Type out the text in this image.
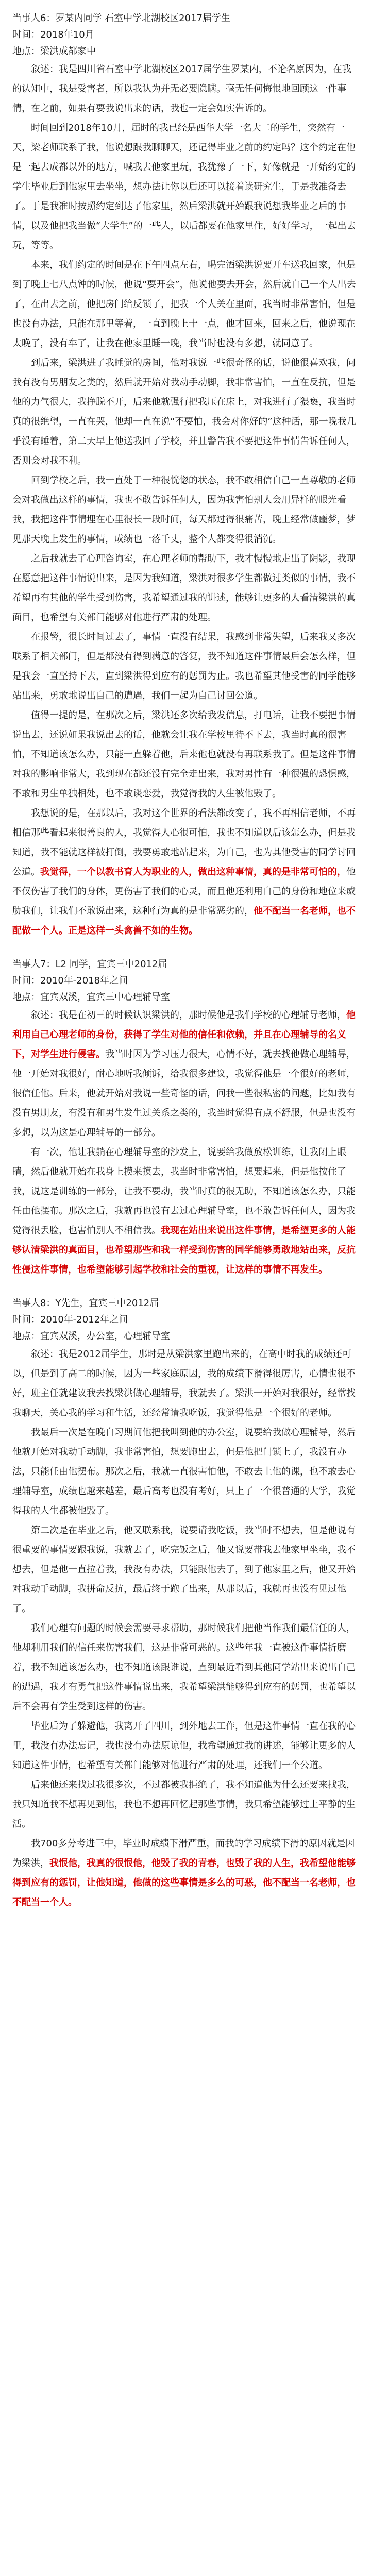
当事人6：罗某内同学 石室中学北湖校区2017届学生

时间：2018年10月

地点：梁洪成都家中

叙述：我是四川省石室中学北湖校区2017届学生罗某内，不论名原因为，在我的认知中，我是受害者，所以我认为并无必要隐瞒。毫无任何悔恨地回顾这一件事情，在之前，如果有要我说出来的话，我也一定会如实告诉的。

时间回到2018年10月，届时的我已经是西华大学一名大二的学生，突然有一天，梁老师联系了我，他说想跟我聊聊天，还记得毕业之前的约定吗？这个约定在他是一起去成都以外的地方，喊我去他家里玩，我犹豫了一下，好像就是一开始约定的学生毕业后到他家里去坐坐，想办法让你以后还可以接着读研究生，于是我准备去了。于是我准时按照约定到达了他家里，然后梁洪就开始跟我说想我毕业之后的事情，以及他把我当做“大学生”的一些人，以后都要在他家里住，好好学习，一起出去玩，等等。

本来，我们约定的时间是在下午四点左右，喝完酒梁洪说要开车送我回家，但是到了晚上七八点钟的时候，他说“要开会”，他说他要去开会，然后就自己一个人出去了，在出去之前，他把房门给反锁了，把我一个人关在里面，我当时非常害怕，但是也没有办法，只能在那里等着，一直到晚上十一点，他才回来，回来之后，他说现在太晚了，没有车了，让我在他家里睡一晚，我当时也没有多想，就同意了。

到后来，梁洪进了我睡觉的房间，他对我说一些很奇怪的话，说他很喜欢我，问我有没有男朋友之类的，然后就开始对我动手动脚，我非常害怕，一直在反抗，但是他的力气很大，我挣脱不开，后来他就强行把我压在床上，对我进行了猥亵，我当时真的很绝望，一直在哭，他却一直在说“不要怕，我会对你好的”这种话，那一晚我几乎没有睡着，第二天早上他送我回了学校，并且警告我不要把这件事情告诉任何人，否则会对我不利。

回到学校之后，我一直处于一种很恍惚的状态，我不敢相信自己一直尊敬的老师会对我做出这样的事情，我也不敢告诉任何人，因为我害怕别人会用异样的眼光看我，我把这件事情埋在心里很长一段时间，每天都过得很痛苦，晚上经常做噩梦，梦见那天晚上发生的事情，成绩也一落千丈，整个人都变得很消沉。

之后我就去了心理咨询室，在心理老师的帮助下，我才慢慢地走出了阴影，我现在愿意把这件事情说出来，是因为我知道，梁洪对很多学生都做过类似的事情，我不希望再有其他的学生受到伤害，我希望通过我的讲述，能够让更多的人看清梁洪的真面目，也希望有关部门能够对他进行严肃的处理。

在报警，很长时间过去了，事情一直没有结果，我感到非常失望，后来我又多次联系了相关部门，但是都没有得到满意的答复，我不知道这件事情最后会怎么样，但是我会一直坚持下去，直到梁洪得到应有的惩罚为止。我也希望其他受害的同学能够站出来，勇敢地说出自己的遭遇，我们一起为自己讨回公道。

值得一提的是，在那次之后，梁洪还多次给我发信息，打电话，让我不要把事情说出去，还说如果我说出去的话，他就会让我在学校里待不下去，我当时真的很害怕，不知道该怎么办，只能一直躲着他，后来他也就没有再联系我了。但是这件事情对我的影响非常大，我到现在都还没有完全走出来，我对男性有一种很强的恐惧感，不敢和男生单独相处，也不敢谈恋爱，我觉得我的人生被他毁了。

我想说的是，在那以后，我对这个世界的看法都改变了，我不再相信老师，不再相信那些看起来很善良的人，我觉得人心很可怕，我也不知道以后该怎么办，但是我知道，我不能就这样被打倒，我要勇敢地站起来，为自己，也为其他受害的同学讨回公道。我觉得，一个以教书育人为职业的人，做出这种事情，真的是非常可怕的，他不仅伤害了我们的身体，更伤害了我们的心灵，而且他还利用自己的身份和地位来威胁我们，让我们不敢说出来，这种行为真的是非常恶劣的，他不配当一名老师，也不配做一个人。正是这样一头禽兽不如的生物。

当事人7：L2 同学，宜宾三中2012届

时间：2010年-2018年之间

地点：宜宾双溪，宜宾三中心理辅导室

叙述：我是在初三的时候认识梁洪的，那时候他是我们学校的心理辅导老师，他利用自己心理老师的身份，获得了学生对他的信任和依赖，并且在心理辅导的名义下，对学生进行侵害。我当时因为学习压力很大，心情不好，就去找他做心理辅导，他一开始对我很好，耐心地听我倾诉，给我很多建议，我觉得他是一个很好的老师，很信任他。后来，他就开始对我说一些奇怪的话，问我一些很私密的问题，比如我有没有男朋友，有没有和男生发生过关系之类的，我当时觉得有点不舒服，但是也没有多想，以为这是心理辅导的一部分。

有一次，他让我躺在心理辅导室的沙发上，说要给我做放松训练，让我闭上眼睛，然后他就开始在我身上摸来摸去，我当时非常害怕，想要起来，但是他按住了我，说这是训练的一部分，让我不要动，我当时真的很无助，不知道该怎么办，只能任由他摆布。那次之后，我就再也没有去过心理辅导室，也不敢告诉任何人，因为我觉得很丢脸，也害怕别人不相信我。我现在站出来说出这件事情，是希望更多的人能够认清梁洪的真面目，也希望那些和我一样受到伤害的同学能够勇敢地站出来，反抗性侵这件事情，也希望能够引起学校和社会的重视，让这样的事情不再发生。

当事人8：Y先生，宜宾三中2012届

时间：2010年-2012年之间

地点：宜宾双溪，办公室，心理辅导室

叙述：我是2012届学生，那时是从梁洪家里跑出来的，在高中时我的成绩还可以，但是到了高二的时候，因为一些家庭原因，我的成绩下滑得很厉害，心情也很不好，班主任就建议我去找梁洪做心理辅导，我就去了。梁洪一开始对我很好，经常找我聊天，关心我的学习和生活，还经常请我吃饭，我觉得他是一个很好的老师。

我最后一次是在晚自习期间他把我叫到他的办公室，说要给我做心理辅导，然后他就开始对我动手动脚，我非常害怕，想要跑出去，但是他把门锁上了，我没有办法，只能任由他摆布。那次之后，我就一直很害怕他，不敢去上他的课，也不敢去心理辅导室，成绩也越来越差，最后高考也没有考好，只上了一个很普通的大学，我觉得我的人生都被他毁了。

第二次是在毕业之后，他又联系我，说要请我吃饭，我当时不想去，但是他说有很重要的事情要跟我说，我就去了，吃完饭之后，他又说要带我去他家里坐坐，我不想去，但是他一直拉着我，我没有办法，只能跟他去了，到了他家里之后，他又开始对我动手动脚，我拼命反抗，最后终于跑了出来，从那以后，我就再也没有见过他了。

我们心理有问题的时候会需要寻求帮助，那时候我们把他当作我们最信任的人，他却利用我们的信任来伤害我们，这是非常可恶的。这些年我一直被这件事情折磨着，我不知道该怎么办，也不知道该跟谁说，直到最近看到其他同学站出来说出自己的遭遇，我才有勇气把这件事情说出来，我希望梁洪能够得到应有的惩罚，也希望以后不会再有学生受到这样的伤害。

毕业后为了躲避他，我离开了四川，到外地去工作，但是这件事情一直在我的心里，我没有办法忘记，我也没有办法原谅他，我希望通过我的讲述，能够让更多的人知道这件事情，也希望有关部门能够对他进行严肃的处理，还我们一个公道。

后来他还来找过我很多次，不过都被我拒绝了，我不知道他为什么还要来找我，我只知道我不想再见到他，我也不想再回忆起那些事情，我只希望能够过上平静的生活。

我700多分考进三中，毕业时成绩下滑严重，而我的学习成绩下滑的原因就是因为梁洪，我恨他，我真的很恨他，他毁了我的青春，也毁了我的人生，我希望他能够得到应有的惩罚，让他知道，他做的这些事情是多么的可恶，他不配当一名老师，也不配当一个人。
